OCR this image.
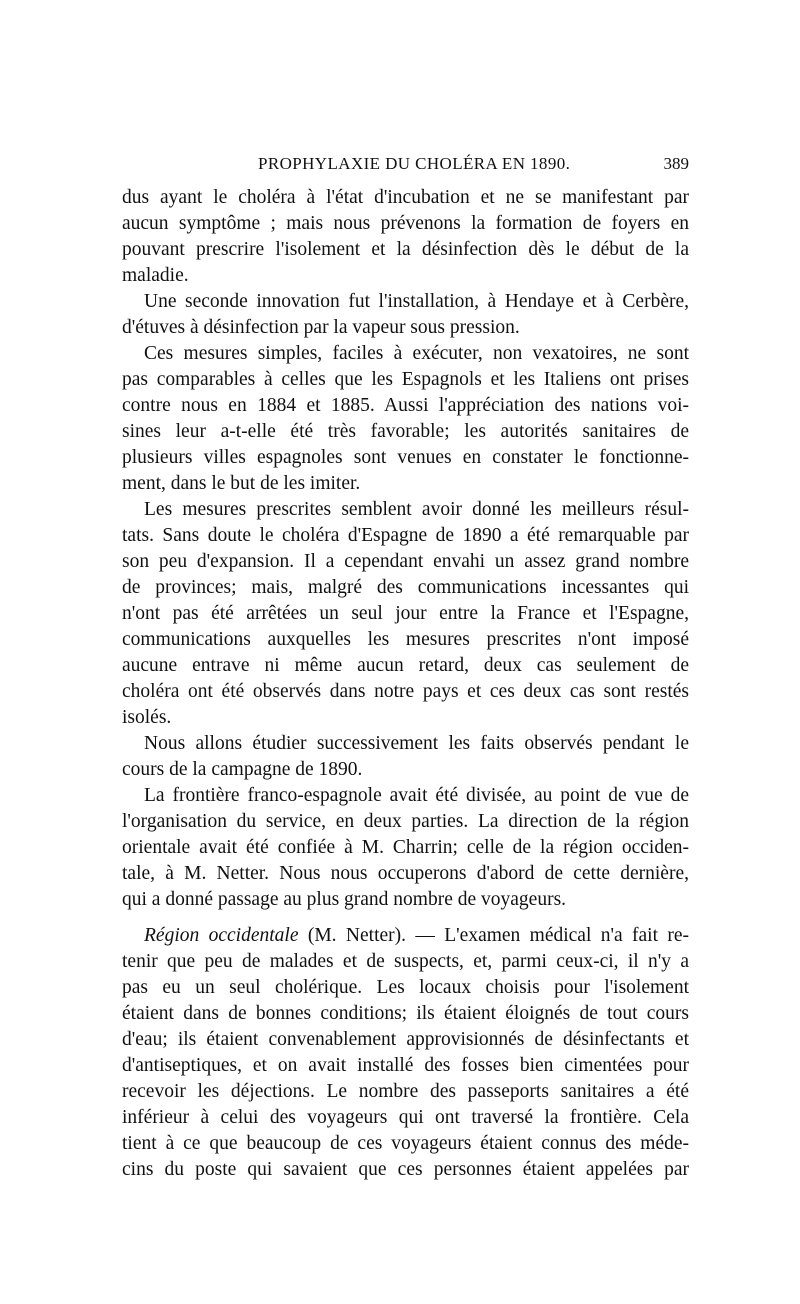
PROPHYLAXIE DU CHOLÉRA EN 1890.	389
dus ayant le choléra à l'état d'incubation et ne se manifestant par
aucun symptôme ; mais nous prévenons la formation de foyers en
pouvant prescrire l'isolement et la désinfection dès le début de la
maladie.
Une seconde innovation fut l'installation, à Hendaye et à Cerbère,
d'étuves à désinfection par la vapeur sous pression.
Ces mesures simples, faciles à exécuter, non vexatoires, ne sont
pas comparables à celles que les Espagnols et les Italiens ont prises
contre nous en 1884 et 1885. Aussi l'appréciation des nations voi-
sines leur a-t-elle été très favorable; les autorités sanitaires de
plusieurs villes espagnoles sont venues en constater le fonctionne-
ment, dans le but de les imiter.
Les mesures prescrites semblent avoir donné les meilleurs résul-
tats. Sans doute le choléra d'Espagne de 1890 a été remarquable par
son peu d'expansion. Il a cependant envahi un assez grand nombre
de provinces; mais, malgré des communications incessantes qui
n'ont pas été arrêtées un seul jour entre la France et l'Espagne,
communications auxquelles les mesures prescrites n'ont imposé
aucune entrave ni même aucun retard, deux cas seulement de
choléra ont été observés dans notre pays et ces deux cas sont restés
isolés.
Nous allons étudier successivement les faits observés pendant le
cours de la campagne de 1890.
La frontière franco-espagnole avait été divisée, au point de vue de
l'organisation du service, en deux parties. La direction de la région
orientale avait été confiée à M. Charrin; celle de la région occiden-
tale, à M. Netter. Nous nous occuperons d'abord de cette dernière,
qui a donné passage au plus grand nombre de voyageurs.
Région occidentale (M. Netter). — L'examen médical n'a fait re-
tenir que peu de malades et de suspects, et, parmi ceux-ci, il n'y a
pas eu un seul cholérique. Les locaux choisis pour l'isolement
étaient dans de bonnes conditions; ils étaient éloignés de tout cours
d'eau; ils étaient convenablement approvisionnés de désinfectants et
d'antiseptiques, et on avait installé des fosses bien cimentées pour
recevoir les déjections. Le nombre des passeports sanitaires a été
inférieur à celui des voyageurs qui ont traversé la frontière. Cela
tient à ce que beaucoup de ces voyageurs étaient connus des méde-
cins du poste qui savaient que ces personnes étaient appelées par
